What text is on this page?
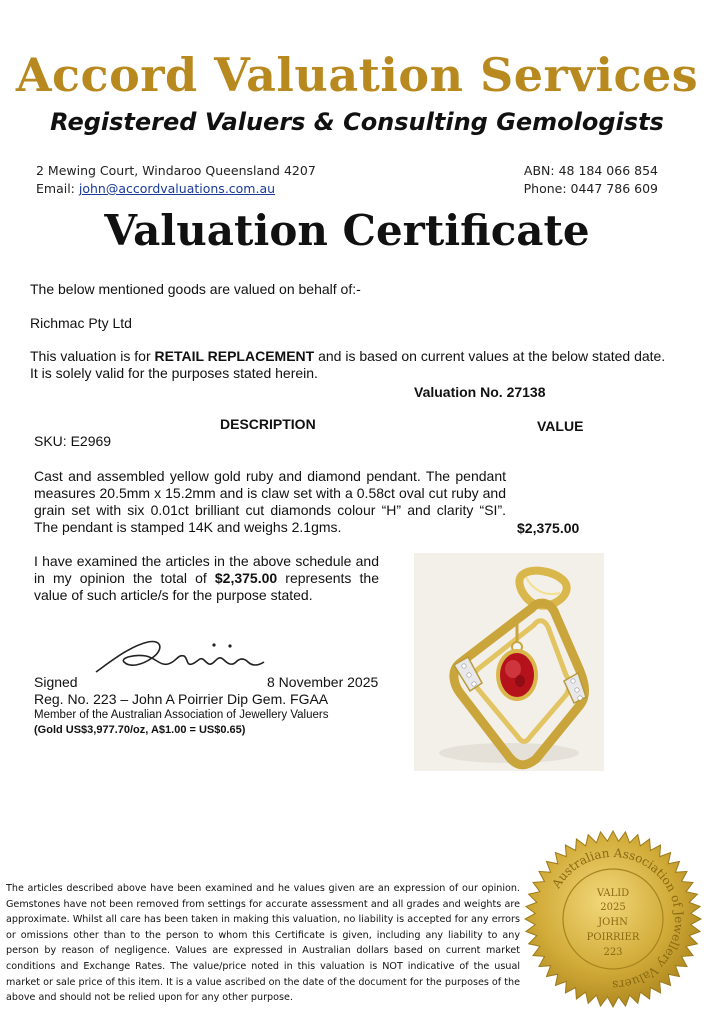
Accord Valuation Services
Registered Valuers & Consulting Gemologists
2 Mewing Court, Windaroo Queensland 4207
Email: john@accordvaluations.com.au
ABN: 48 184 066 854
Phone: 0447 786 609
Valuation Certificate
The below mentioned goods are valued on behalf of:-
Richmac Pty Ltd
This valuation is for RETAIL REPLACEMENT and is based on current values at the below stated date. It is solely valid for the purposes stated herein.
Valuation No. 27138
DESCRIPTION	VALUE
SKU: E2969
Cast and assembled yellow gold ruby and diamond pendant. The pendant measures 20.5mm x 15.2mm and is claw set with a 0.58ct oval cut ruby and grain set with six 0.01ct brilliant cut diamonds colour “H” and clarity “SI”. The pendant is stamped 14K and weighs 2.1gms.	$2,375.00
I have examined the articles in the above schedule and in my opinion the total of $2,375.00 represents the value of such article/s for the purpose stated.
Signed	8 November 2025
Reg. No. 223 – John A Poirrier Dip Gem. FGAA
Member of the Australian Association of Jewellery Valuers
(Gold US$3,977.70/oz, A$1.00 = US$0.65)
The articles described above have been examined and he values given are an expression of our opinion. Gemstones have not been removed from settings for accurate assessment and all grades and weights are approximate. Whilst all care has been taken in making this valuation, no liability is accepted for any errors or omissions other than to the person to whom this Certificate is given, including any liability to any person by reason of negligence. Values are expressed in Australian dollars based on current market conditions and Exchange Rates. The value/price noted in this valuation is NOT indicative of the usual market or sale price of this item. It is a value ascribed on the date of the document for the purposes of the above and should not be relied upon for any other purpose.
Australian Association of Jewellery Valuers
VALID
2025
JOHN
POIRRIER
223
